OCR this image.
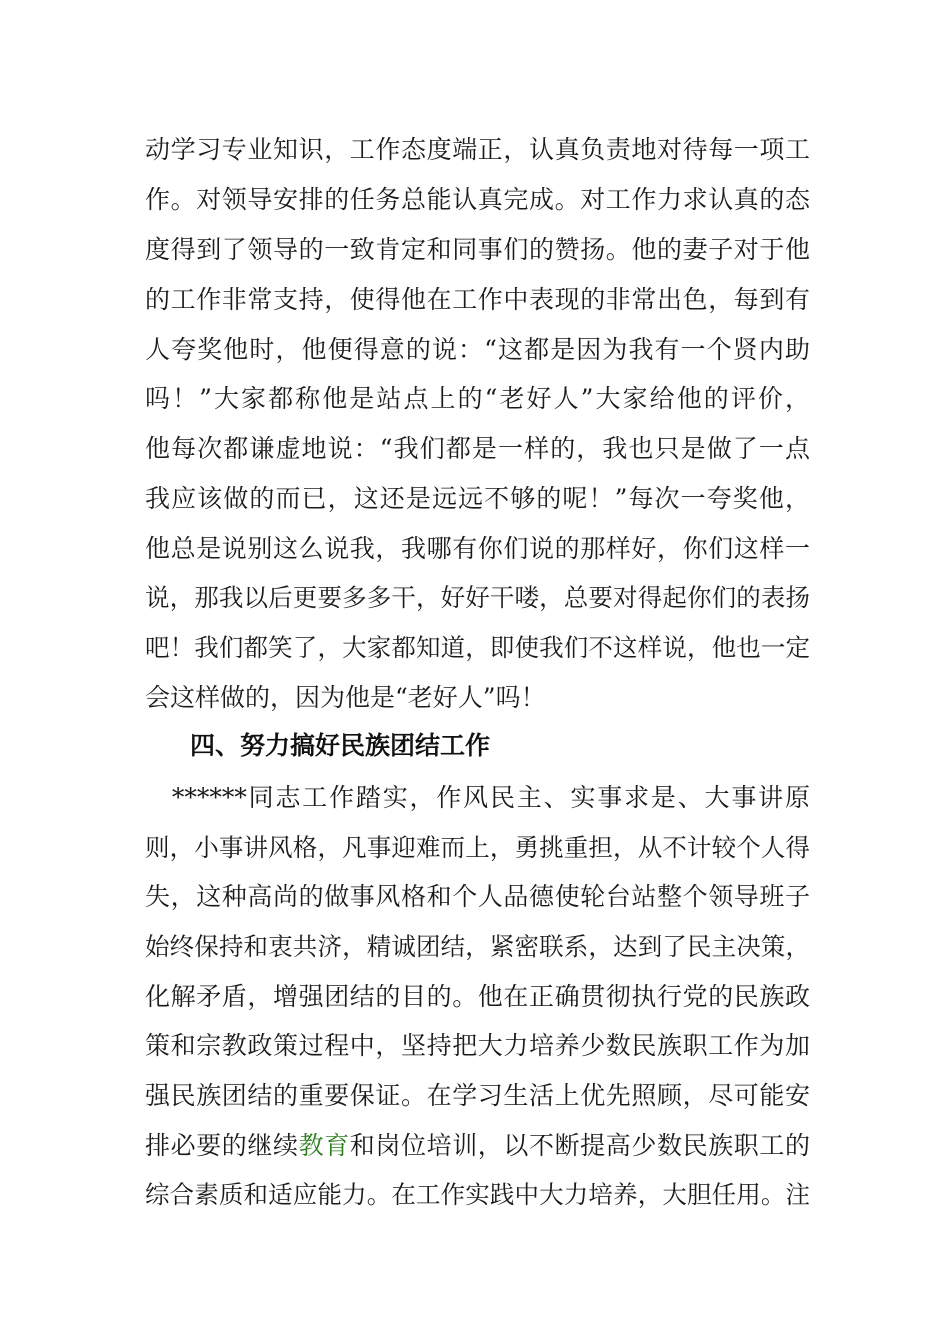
动学习专业知识，工作态度端正，认真负责地对待每一项工
作。对领导安排的任务总能认真完成。对工作力求认真的态
度得到了领导的一致肯定和同事们的赞扬。他的妻子对于他
的工作非常支持，使得他在工作中表现的非常出色，每到有
人夸奖他时，他便得意的说：“这都是因为我有一个贤内助
吗！”大家都称他是站点上的“老好人”大家给他的评价，
他每次都谦虚地说：“我们都是一样的，我也只是做了一点
我应该做的而已，这还是远远不够的呢！”每次一夸奖他，
他总是说别这么说我，我哪有你们说的那样好，你们这样一
说，那我以后更要多多干，好好干喽，总要对得起你们的表扬
吧！我们都笑了，大家都知道，即使我们不这样说，他也一定
会这样做的，因为他是“老好人”吗！
四、努力搞好民族团结工作
　******同志工作踏实，作风民主、实事求是、大事讲原
则，小事讲风格，凡事迎难而上，勇挑重担，从不计较个人得
失，这种高尚的做事风格和个人品德使轮台站整个领导班子
始终保持和衷共济，精诚团结，紧密联系，达到了民主决策，
化解矛盾，增强团结的目的。他在正确贯彻执行党的民族政
策和宗教政策过程中，坚持把大力培养少数民族职工作为加
强民族团结的重要保证。在学习生活上优先照顾，尽可能安
排必要的继续教育和岗位培训，以不断提高少数民族职工的
综合素质和适应能力。在工作实践中大力培养，大胆任用。注
